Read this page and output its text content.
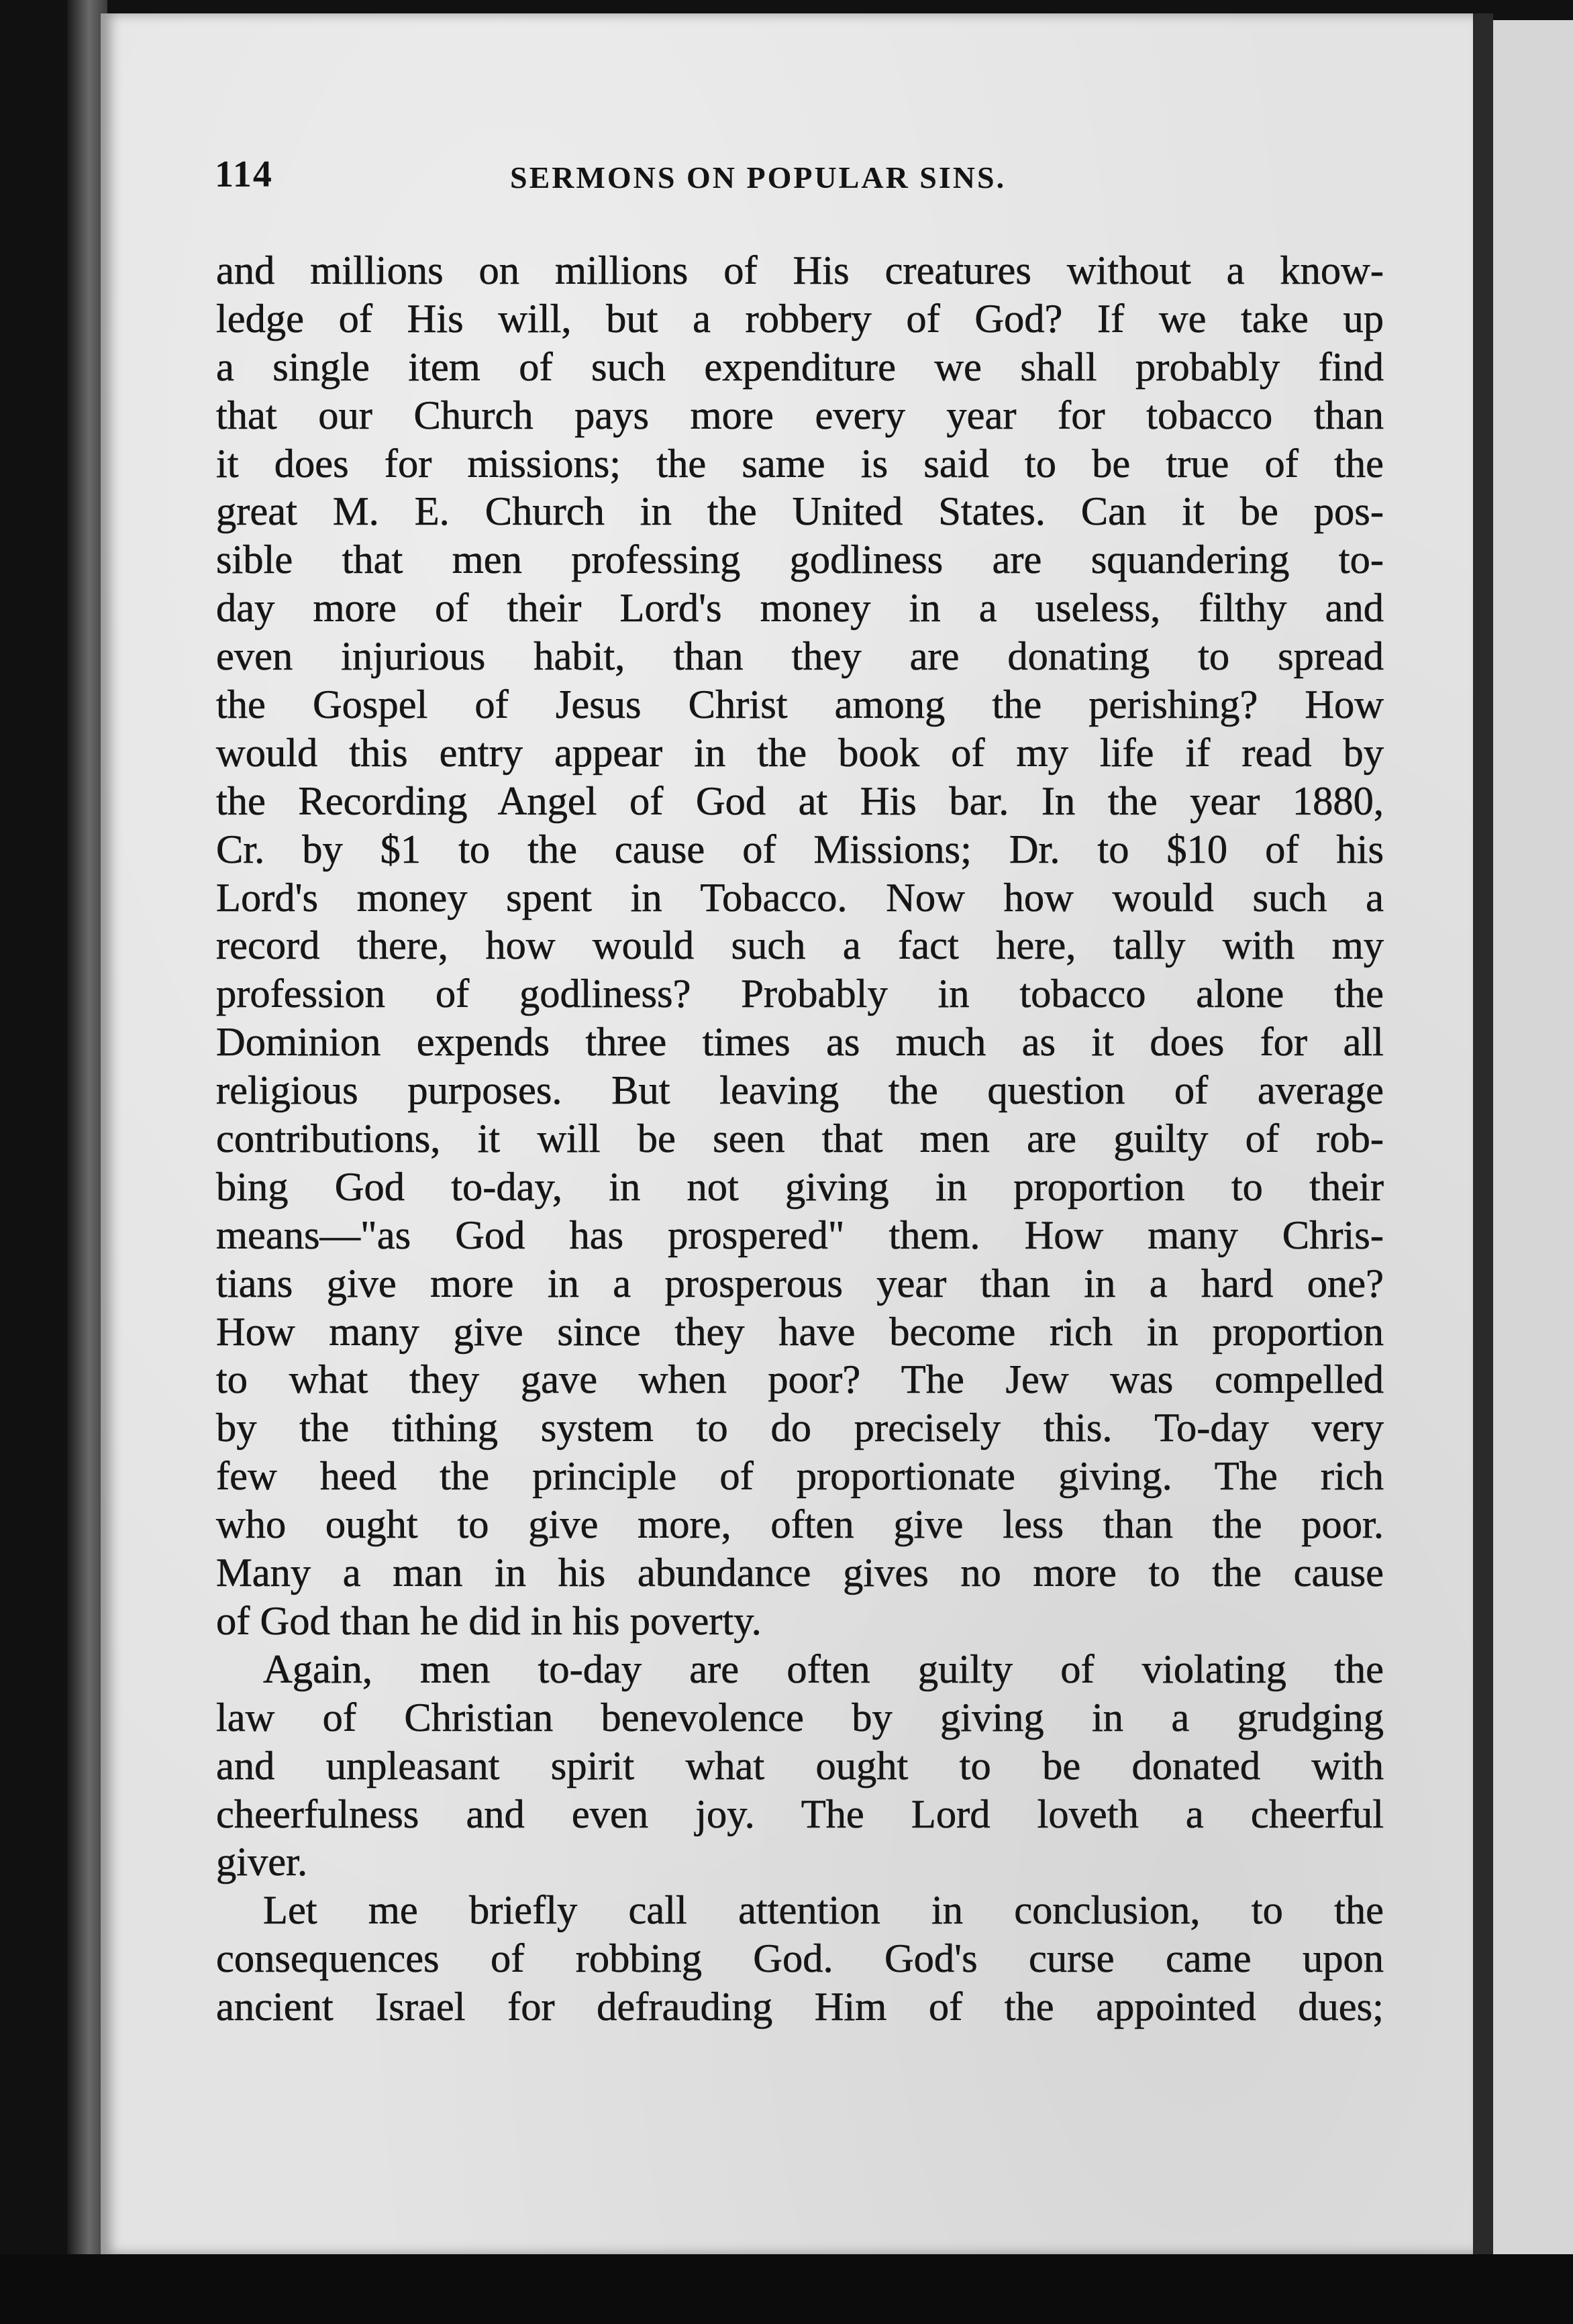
114	SERMONS ON POPULAR SINS.
and millions on millions of His creatures without a know-
ledge of His will, but a robbery of God? If we take up
a single item of such expenditure we shall probably find
that our Church pays more every year for tobacco than
it does for missions; the same is said to be true of the
great M. E. Church in the United States. Can it be pos-
sible that men professing godliness are squandering to-
day more of their Lord's money in a useless, filthy and
even injurious habit, than they are donating to spread
the Gospel of Jesus Christ among the perishing? How
would this entry appear in the book of my life if read by
the Recording Angel of God at His bar. In the year 1880,
Cr. by $1 to the cause of Missions; Dr. to $10 of his
Lord's money spent in Tobacco. Now how would such a
record there, how would such a fact here, tally with my
profession of godliness? Probably in tobacco alone the
Dominion expends three times as much as it does for all
religious purposes. But leaving the question of average
contributions, it will be seen that men are guilty of rob-
bing God to-day, in not giving in proportion to their
means—"as God has prospered" them. How many Chris-
tians give more in a prosperous year than in a hard one?
How many give since they have become rich in proportion
to what they gave when poor? The Jew was compelled
by the tithing system to do precisely this. To-day very
few heed the principle of proportionate giving. The rich
who ought to give more, often give less than the poor.
Many a man in his abundance gives no more to the cause
of God than he did in his poverty.
Again, men to-day are often guilty of violating the
law of Christian benevolence by giving in a grudging
and unpleasant spirit what ought to be donated with
cheerfulness and even joy. The Lord loveth a cheerful
giver.
Let me briefly call attention in conclusion, to the
consequences of robbing God. God's curse came upon
ancient Israel for defrauding Him of the appointed dues;
